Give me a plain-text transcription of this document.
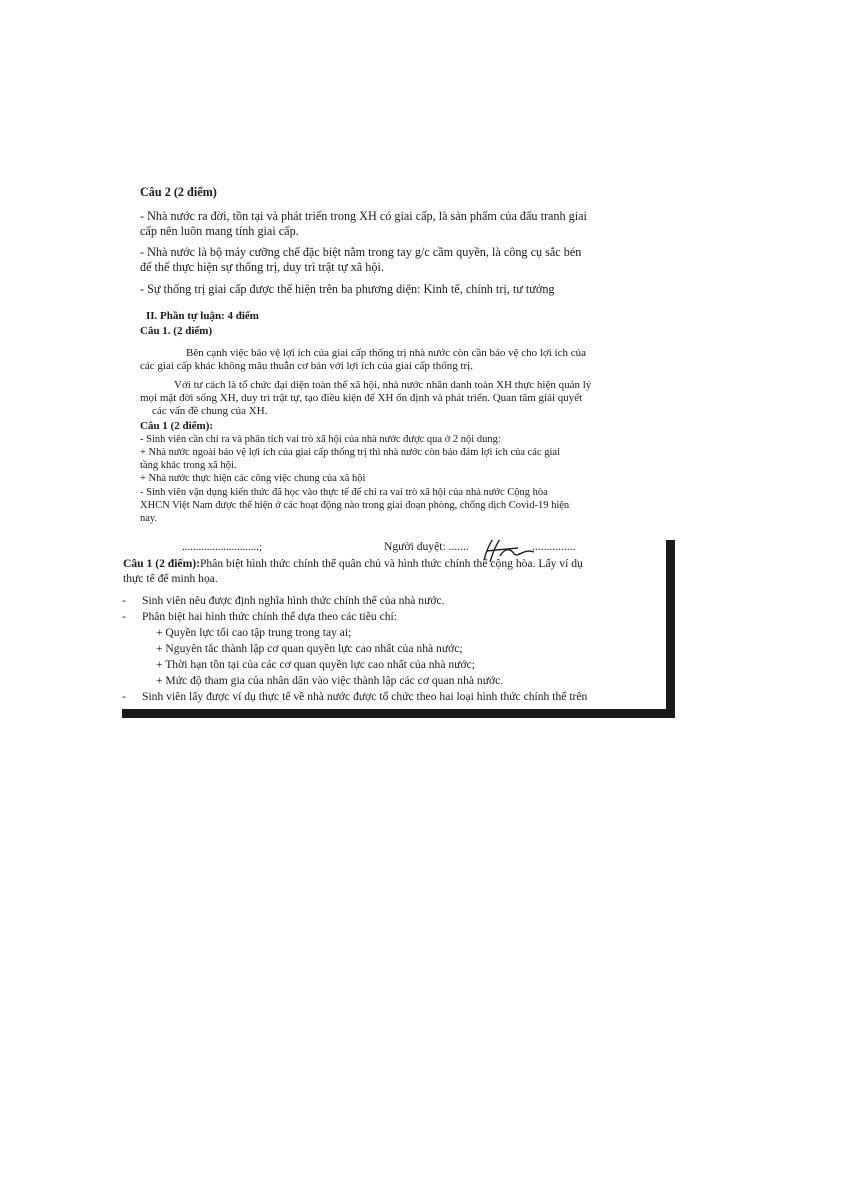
Câu 2 (2 điểm)

- Nhà nước ra đời, tồn tại và phát triển trong XH có giai cấp, là sản phẩm của đấu tranh giai

cấp nên luôn mang tính giai cấp.

- Nhà nước là bộ máy cưỡng chế đặc biệt nằm trong tay g/c cầm quyền, là công cụ sắc bén

để thể thực hiện sự thống trị, duy trì trật tự xã hội.

- Sự thống trị giai cấp được thể hiện trên ba phương diện: Kinh tế, chính trị, tư tưởng

II. Phần tự luận: 4 điểm

Câu 1. (2 điểm)

Bên cạnh việc bảo vệ lợi ích của giai cấp thống trị nhà nước còn cần bảo vệ cho lợi ích của

các giai cấp khác không mâu thuẫn cơ bản với lợi ích của giai cấp thống trị.

Với tư cách là tổ chức đại diện toàn thể xã hội, nhà nước nhân danh toàn XH thực hiện quản lý

mọi mặt đời sống XH, duy trì trật tự, tạo điều kiện để XH ổn định và phát triển. Quan tâm giải quyết

các vấn đề chung của XH.

Câu 1 (2 điểm):

- Sinh viên cần chỉ ra và phân tích vai trò xã hội của nhà nước được qua ở 2 nội dung:

+ Nhà nước ngoài bảo vệ lợi ích của giai cấp thống trị thì nhà nước còn bảo đảm lợi ích của các giai

tầng khác trong xã hội.

+ Nhà nước thực hiện các công việc chung của xã hội

- Sinh viên vận dụng kiến thức đã học vào thực tế để chỉ ra vai trò xã hội của nhà nước Cộng hòa

XHCN Việt Nam được thể hiện ở các hoạt động nào trong giai đoạn phòng, chống dịch Covid-19 hiện

nay.

............................;	Người duyệt: .......	...............

Câu 1 (2 điểm):Phân biệt hình thức chính thể quân chủ và hình thức chính thể cộng hòa. Lấy ví dụ

thực tế để minh họa.

- Sinh viên nêu được định nghĩa hình thức chính thể của nhà nước.

- Phân biệt hai hình thức chính thể dựa theo các tiêu chí:

+ Quyền lực tối cao tập trung trong tay ai;

+ Nguyên tắc thành lập cơ quan quyền lực cao nhất của nhà nước;

+ Thời hạn tồn tại của các cơ quan quyền lực cao nhất của nhà nước;

+ Mức độ tham gia của nhân dân vào việc thành lập các cơ quan nhà nước.

- Sinh viên lấy được ví dụ thực tế về nhà nước được tổ chức theo hai loại hình thức chính thể trên
